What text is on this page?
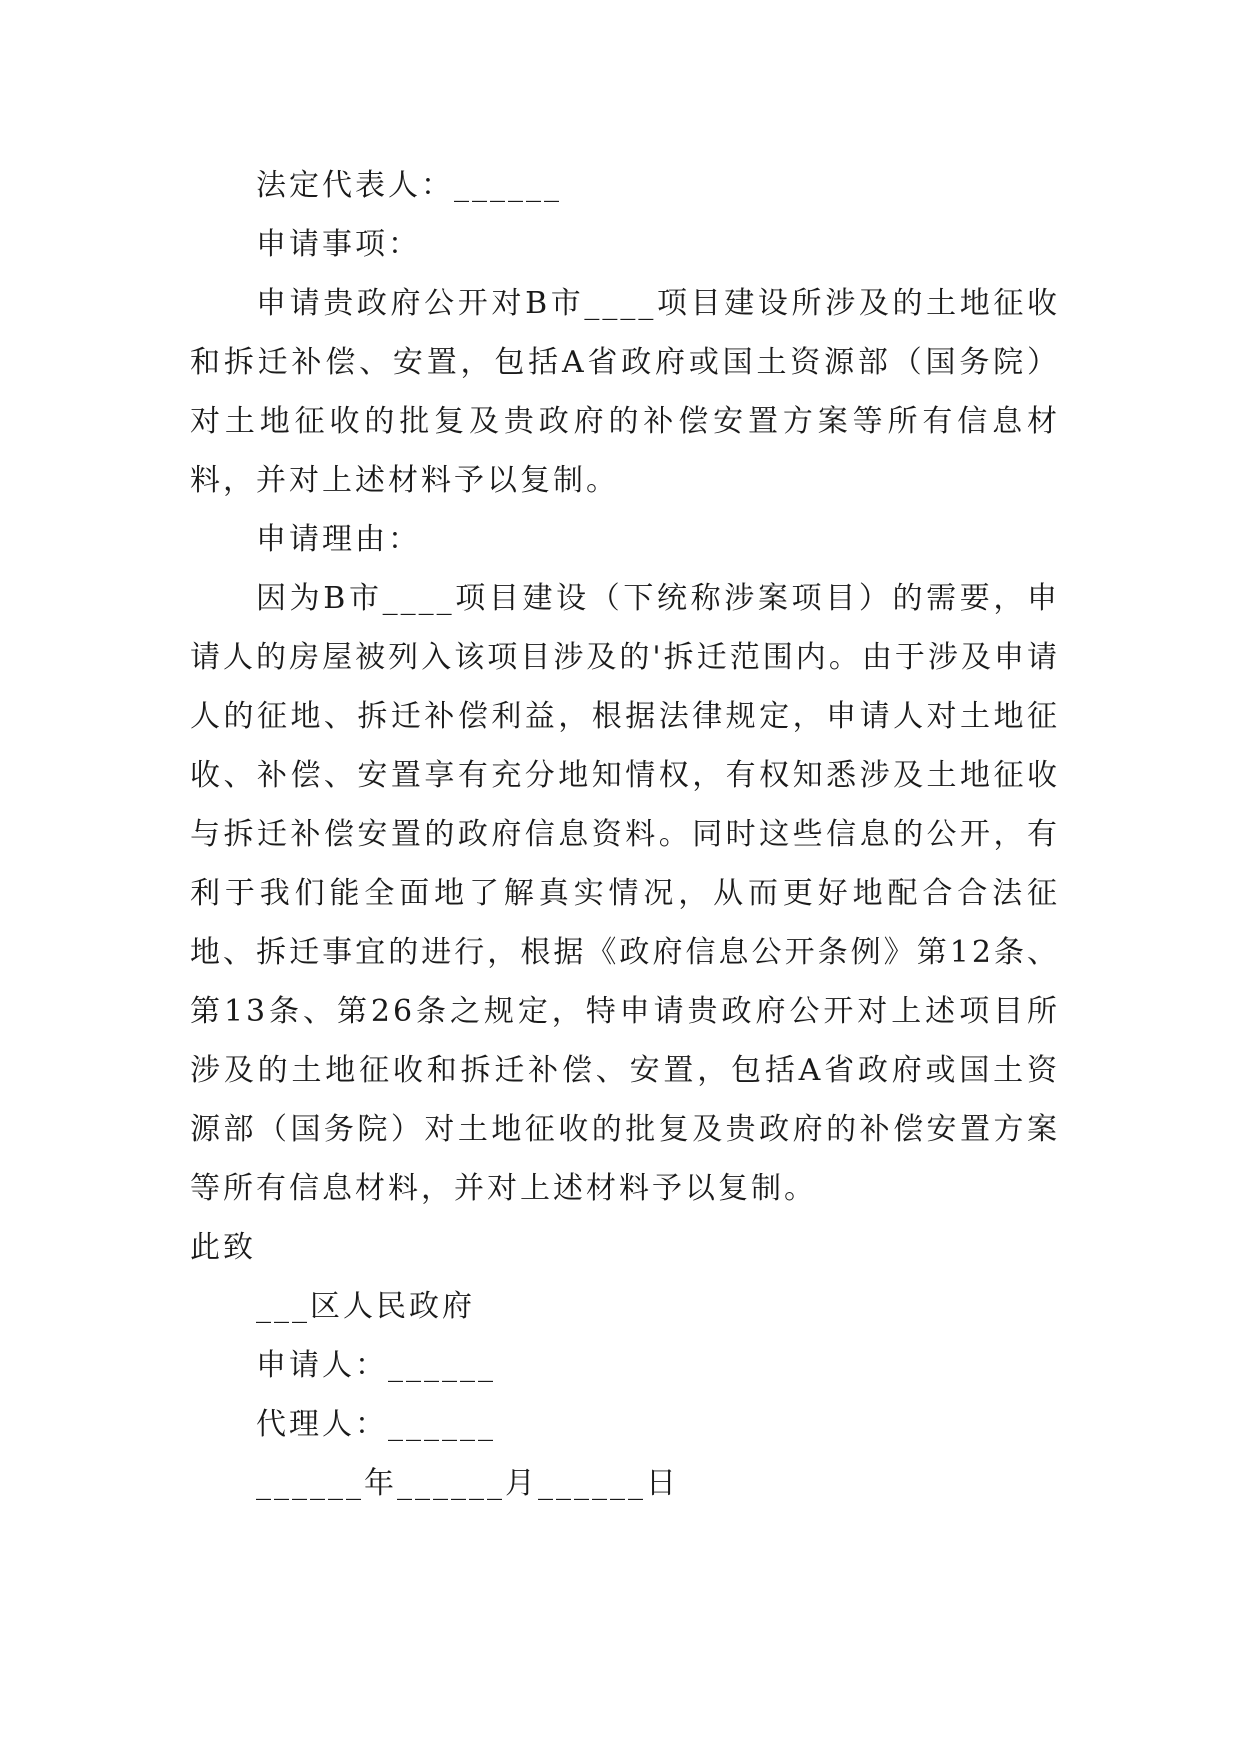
法定代表人：______

申请事项：

申请贵政府公开对B市____项目建设所涉及的土地征收和拆迁补偿、安置，包括A省政府或国土资源部（国务院）对土地征收的批复及贵政府的补偿安置方案等所有信息材料，并对上述材料予以复制。

申请理由：

因为B市____项目建设（下统称涉案项目）的需要，申请人的房屋被列入该项目涉及的'拆迁范围内。由于涉及申请人的征地、拆迁补偿利益，根据法律规定，申请人对土地征收、补偿、安置享有充分地知情权，有权知悉涉及土地征收与拆迁补偿安置的政府信息资料。同时这些信息的公开，有利于我们能全面地了解真实情况，从而更好地配合合法征地、拆迁事宜的进行，根据《政府信息公开条例》第12条、第13条、第26条之规定，特申请贵政府公开对上述项目所涉及的土地征收和拆迁补偿、安置，包括A省政府或国土资源部（国务院）对土地征收的批复及贵政府的补偿安置方案等所有信息材料，并对上述材料予以复制。

此致

___区人民政府

申请人：______

代理人：______

______年______月______日
